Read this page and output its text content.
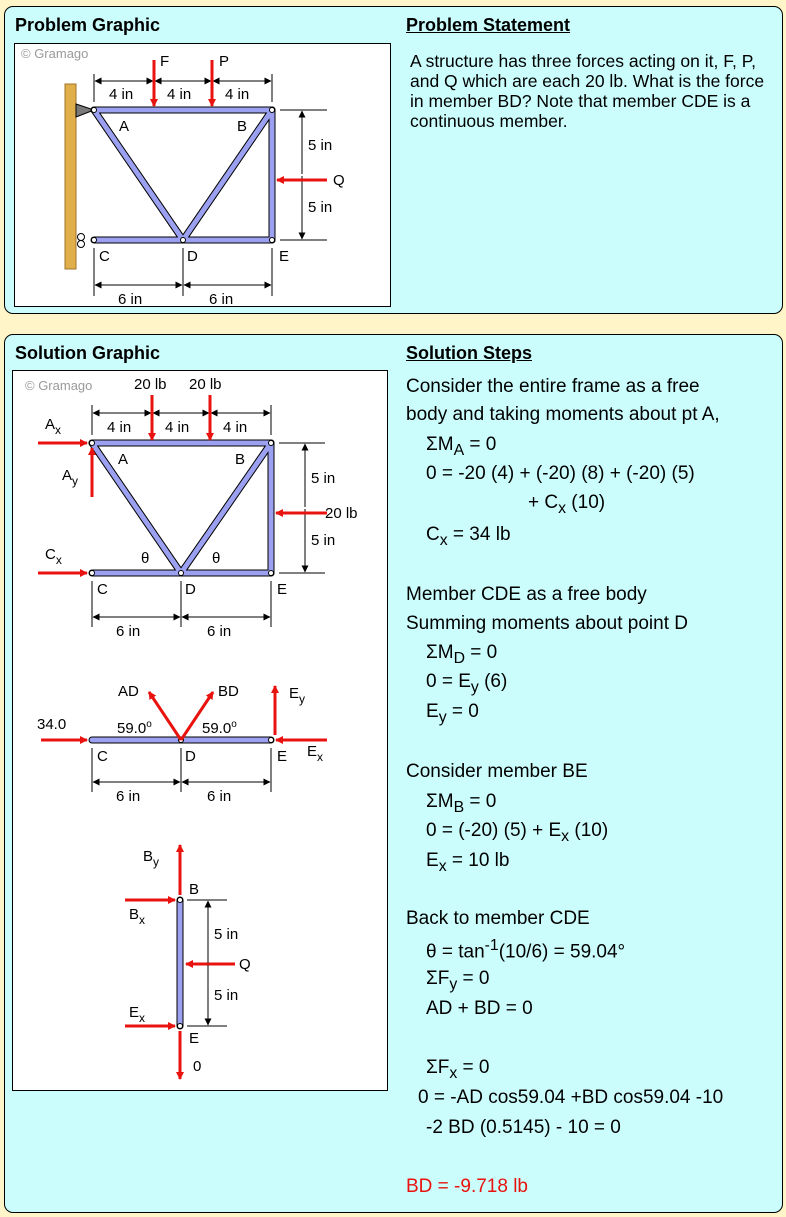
Problem Graphic	Problem Statement

A structure has three forces acting on it, F, P, and Q which are each 20 lb. What is the force in member BD? Note that member CDE is a continuous member.

© Gramago
4 in 4 in 4 in
5 in
5 in
6 in	6 in
F	P
Q
A	B
C	D	E
Solution Graphic	Solution Steps
© Gramago
4 in 4 in 4 in
5 in
5 in
6 in	6 in
20 lb 20 lb
20 lb
$A_x$
$A_y$
$C_x$
A	B
C	D	E
θ	θ
34.0
AD	BD	$E_y$
$E_x$
59.0$^o$	59.0$^o$
C	D	E
6 in	6 in
$B_y$
$B_x$
Q
$E_x$
0
B
E
5 in
5 in
Consider the entire frame as a free
body and taking moments about pt A,
$\Sigma M_A = 0$
0 = -20 (4) + (-20) (8) + (-20) (5)
+ $C_x$ (10)
$C_x = 34$ lb
Member CDE as a free body
Summing moments about point D
$\Sigma M_D = 0$
$0 = E_y$ (6)
$E_y = 0$
Consider member BE
$\Sigma M_B = 0$
0 = (-20) $(5) + E_x$ (10)
$E_x = 10$ lb
Back to member CDE
$\theta = \tan^{-1}(10/6) = 59.04^\circ$
$\Sigma F_y = 0$
AD + BD = 0
$\Sigma F_x = 0$
0 = -AD cos59.04 +BD cos59.04 -10
-2 BD (0.5145) - 10 = 0
BD = -9.718 lb
